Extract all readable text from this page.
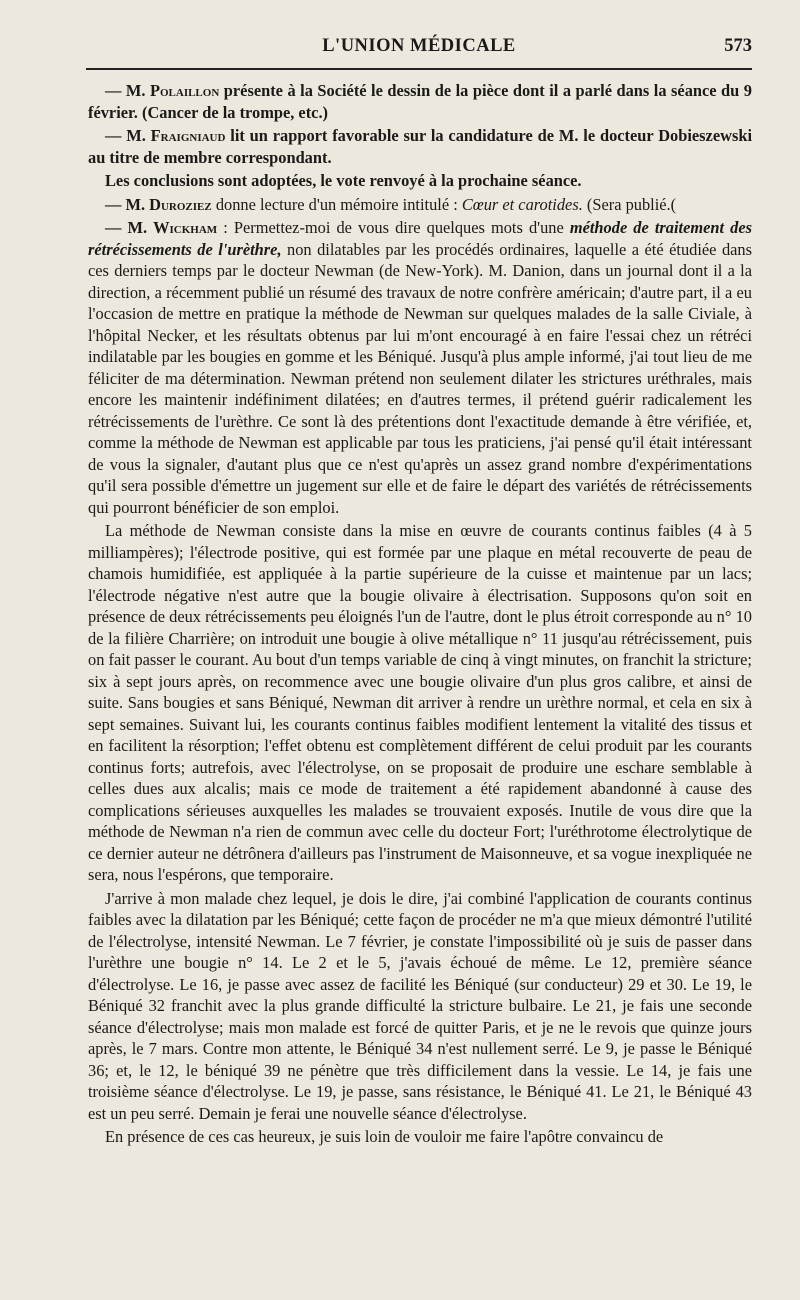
L'UNION MÉDICALE	573

— M. Polaillon présente à la Société le dessin de la pièce dont il a parlé dans la séance du 9 février. (Cancer de la trompe, etc.)

— M. Fraigniaud lit un rapport favorable sur la candidature de M. le docteur Dobieszewski au titre de membre correspondant.

Les conclusions sont adoptées, le vote renvoyé à la prochaine séance.

— M. Duroziez donne lecture d'un mémoire intitulé : Cœur et carotides. (Sera publié.(

— M. Wickham : Permettez-moi de vous dire quelques mots d'une méthode de traitement des rétrécissements de l'urèthre, non dilatables par les procédés ordinaires, laquelle a été étudiée dans ces derniers temps par le docteur Newman (de New-York). M. Danion, dans un journal dont il a la direction, a récemment publié un résumé des travaux de notre confrère américain; d'autre part, il a eu l'occasion de mettre en pratique la méthode de Newman sur quelques malades de la salle Civiale, à l'hôpital Necker, et les résultats obtenus par lui m'ont encouragé à en faire l'essai chez un rétréci indilatable par les bougies en gomme et les Béniqué. Jusqu'à plus ample informé, j'ai tout lieu de me féliciter de ma détermination. Newman prétend non seulement dilater les strictures uréthrales, mais encore les maintenir indéfiniment dilatées; en d'autres termes, il prétend guérir radicalement les rétrécissements de l'urèthre. Ce sont là des prétentions dont l'exactitude demande à être vérifiée, et, comme la méthode de Newman est applicable par tous les praticiens, j'ai pensé qu'il était intéressant de vous la signaler, d'autant plus que ce n'est qu'après un assez grand nombre d'expérimentations qu'il sera possible d'émettre un jugement sur elle et de faire le départ des variétés de rétrécissements qui pourront bénéficier de son emploi.

La méthode de Newman consiste dans la mise en œuvre de courants continus faibles (4 à 5 milliampères); l'électrode positive, qui est formée par une plaque en métal recouverte de peau de chamois humidifiée, est appliquée à la partie supérieure de la cuisse et maintenue par un lacs; l'électrode négative n'est autre que la bougie olivaire à électrisation. Supposons qu'on soit en présence de deux rétrécissements peu éloignés l'un de l'autre, dont le plus étroit corresponde au n° 10 de la filière Charrière; on introduit une bougie à olive métallique n° 11 jusqu'au rétrécissement, puis on fait passer le courant. Au bout d'un temps variable de cinq à vingt minutes, on franchit la stricture; six à sept jours après, on recommence avec une bougie olivaire d'un plus gros calibre, et ainsi de suite. Sans bougies et sans Béniqué, Newman dit arriver à rendre un urèthre normal, et cela en six à sept semaines. Suivant lui, les courants continus faibles modifient lentement la vitalité des tissus et en facilitent la résorption; l'effet obtenu est complètement différent de celui produit par les courants continus forts; autrefois, avec l'électrolyse, on se proposait de produire une eschare semblable à celles dues aux alcalis; mais ce mode de traitement a été rapidement abandonné à cause des complications sérieuses auxquelles les malades se trouvaient exposés. Inutile de vous dire que la méthode de Newman n'a rien de commun avec celle du docteur Fort; l'uréthrotome électrolytique de ce dernier auteur ne détrônera d'ailleurs pas l'instrument de Maisonneuve, et sa vogue inexpliquée ne sera, nous l'espérons, que temporaire.

J'arrive à mon malade chez lequel, je dois le dire, j'ai combiné l'application de courants continus faibles avec la dilatation par les Béniqué; cette façon de procéder ne m'a que mieux démontré l'utilité de l'électrolyse, intensité Newman. Le 7 février, je constate l'impossibilité où je suis de passer dans l'urèthre une bougie n° 14. Le 2 et le 5, j'avais échoué de même. Le 12, première séance d'électrolyse. Le 16, je passe avec assez de facilité les Béniqué (sur conducteur) 29 et 30. Le 19, le Béniqué 32 franchit avec la plus grande difficulté la stricture bulbaire. Le 21, je fais une seconde séance d'électrolyse; mais mon malade est forcé de quitter Paris, et je ne le revois que quinze jours après, le 7 mars. Contre mon attente, le Béniqué 34 n'est nullement serré. Le 9, je passe le Béniqué 36; et, le 12, le béniqué 39 ne pénètre que très difficilement dans la vessie. Le 14, je fais une troisième séance d'électrolyse. Le 19, je passe, sans résistance, le Béniqué 41. Le 21, le Béniqué 43 est un peu serré. Demain je ferai une nouvelle séance d'électrolyse.

En présence de ces cas heureux, je suis loin de vouloir me faire l'apôtre convaincu de
